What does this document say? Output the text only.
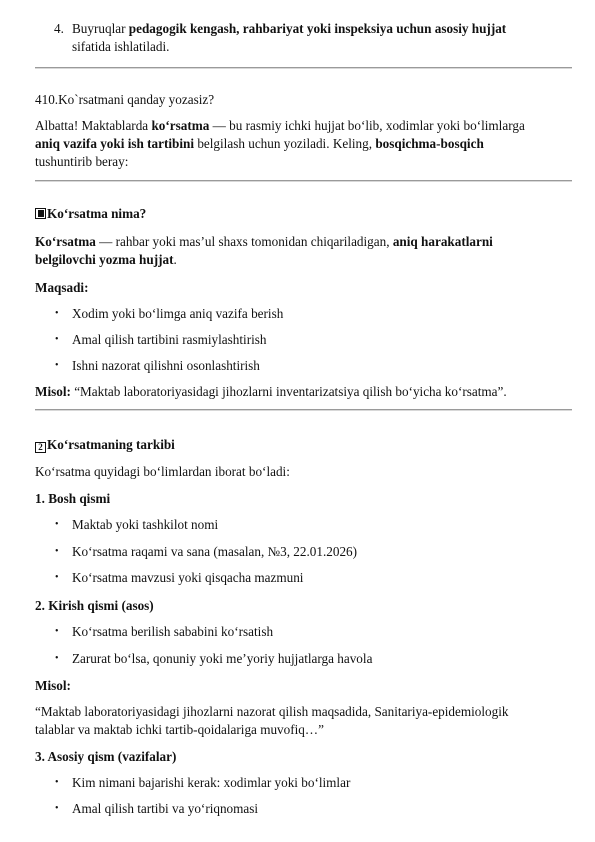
4. Buyruqlar pedagogik kengash, rahbariyat yoki inspeksiya uchun asosiy hujjat
sifatida ishlatiladi.
410.Ko`rsatmani qanday yozasiz?
Albatta! Maktablarda ko‘rsatma — bu rasmiy ichki hujjat bo‘lib, xodimlar yoki bo‘limlarga
aniq vazifa yoki ish tartibini belgilash uchun yoziladi. Keling, bosqichma-bosqich
tushuntirib beray:
Ko‘rsatma nima?
Ko‘rsatma — rahbar yoki mas’ul shaxs tomonidan chiqariladigan, aniq harakatlarni
belgilovchi yozma hujjat.
Maqsadi:
• Xodim yoki bo‘limga aniq vazifa berish
• Amal qilish tartibini rasmiylashtirish
• Ishni nazorat qilishni osonlashtirish
Misol: “Maktab laboratoriyasidagi jihozlarni inventarizatsiya qilish bo‘yicha ko‘rsatma”.
2 Ko‘rsatmaning tarkibi
Ko‘rsatma quyidagi bo‘limlardan iborat bo‘ladi:
1. Bosh qismi
• Maktab yoki tashkilot nomi
• Ko‘rsatma raqami va sana (masalan, №3, 22.01.2026)
• Ko‘rsatma mavzusi yoki qisqacha mazmuni
2. Kirish qismi (asos)
• Ko‘rsatma berilish sababini ko‘rsatish
• Zarurat bo‘lsa, qonuniy yoki me’yoriy hujjatlarga havola
Misol:
“Maktab laboratoriyasidagi jihozlarni nazorat qilish maqsadida, Sanitariya-epidemiologik
talablar va maktab ichki tartib-qoidalariga muvofiq…”
3. Asosiy qism (vazifalar)
• Kim nimani bajarishi kerak: xodimlar yoki bo‘limlar
• Amal qilish tartibi va yo‘riqnomasi
